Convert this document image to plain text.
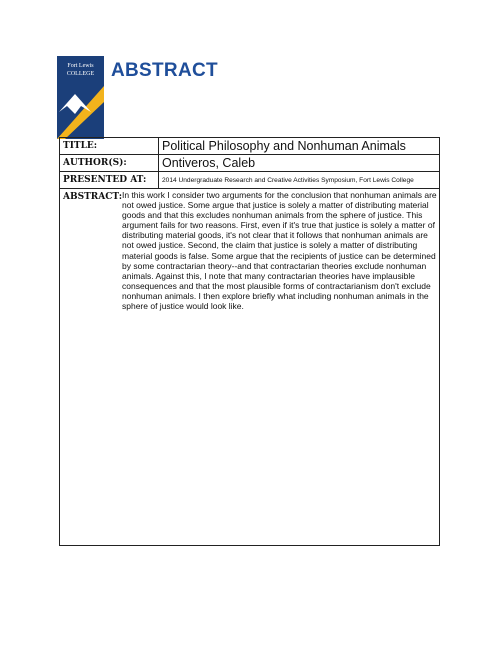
Fort Lewis
COLLEGE ABSTRACT
TITLE:	Political Philosophy and Nonhuman Animals
AUTHOR(S):	Ontiveros, Caleb
PRESENTED AT:	2014 Undergraduate Research and Creative Activities Symposium, Fort Lewis College
ABSTRACT: In this work I consider two arguments for the conclusion that nonhuman animals are not owed justice. Some argue that justice is solely a matter of distributing material goods and that this excludes nonhuman animals from the sphere of justice. This argument fails for two reasons. First, even if it's true that justice is solely a matter of distributing material goods, it's not clear that it follows that nonhuman animals are not owed justice. Second, the claim that justice is solely a matter of distributing material goods is false. Some argue that the recipients of justice can be determined by some contractarian theory--and that contractarian theories exclude nonhuman animals. Against this, I note that many contractarian theories have implausible consequences and that the most plausible forms of contractarianism don't exclude nonhuman animals. I then explore briefly what including nonhuman animals in the sphere of justice would look like.
